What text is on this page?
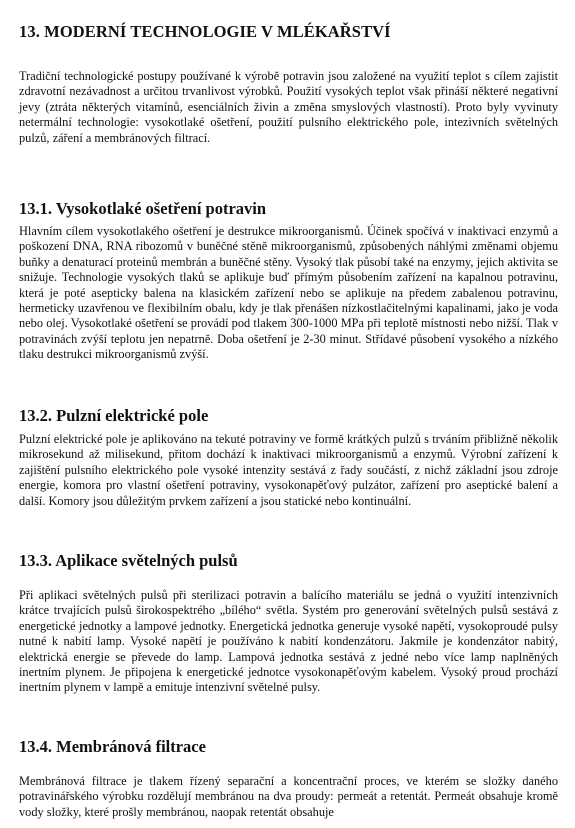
13. MODERNÍ TECHNOLOGIE V MLÉKAŘSTVÍ

Tradiční technologické postupy používané k výrobě potravin jsou založené na využití teplot s cílem zajistit zdravotní nezávadnost a určitou trvanlivost výrobků. Použití vysokých teplot však přináší některé negativní jevy (ztráta některých vitamínů, esenciálních živin a změna smyslových vlastností). Proto byly vyvinuty netermální technologie: vysokotlaké ošetření, použití pulsního elektrického pole, intezivních světelných pulzů, záření a membránových filtrací.

13.1. Vysokotlaké ošetření potravin

Hlavním cílem vysokotlakého ošetření je destrukce mikroorganismů. Účinek spočívá v inaktivaci enzymů a poškození DNA, RNA ribozomů v buněčné stěně mikroorganismů, způsobených náhlými změnami objemu buňky a denaturací proteinů membrán a buněčné stěny. Vysoký tlak působí také na enzymy, jejich aktivita se snižuje. Technologie vysokých tlaků se aplikuje buď přímým působením zařízení na kapalnou potravinu, která je poté asepticky balena na klasickém zařízení nebo se aplikuje na předem zabalenou potravinu, hermeticky uzavřenou ve flexibilním obalu, kdy je tlak přenášen nízkostlačitelnými kapalinami, jako je voda nebo olej. Vysokotlaké ošetření se provádí pod tlakem 300-1000 MPa při teplotě místnosti nebo nižší. Tlak v potravinách zvýší teplotu jen nepatrně. Doba ošetření je 2-30 minut. Střídavé působení vysokého a nízkého tlaku destrukci mikroorganismů zvýší.

13.2. Pulzní elektrické pole

Pulzní elektrické pole je aplikováno na tekuté potraviny ve formě krátkých pulzů s trváním přibližně několik mikrosekund až milisekund, přitom dochází k inaktivaci mikroorganismů a enzymů. Výrobní zařízení k zajištění pulsního elektrického pole vysoké intenzity sestává z řady součástí, z nichž základní jsou zdroje energie, komora pro vlastní ošetření potraviny, vysokonapěťový pulzátor, zařízení pro aseptické balení a další. Komory jsou důležitým prvkem zařízení a jsou statické nebo kontinuální.

13.3. Aplikace světelných pulsů

Při aplikaci světelných pulsů při sterilizaci potravin a balícího materiálu se jedná o využití intenzivních krátce trvajících pulsů širokospektrého „bílého“ světla. Systém pro generování světelných pulsů sestává z energetické jednotky a lampové jednotky. Energetická jednotka generuje vysoké napětí, vysokoproudé pulsy nutné k nabití lamp. Vysoké napětí je používáno k nabití kondenzátoru. Jakmile je kondenzátor nabitý, elektrická energie se převede do lamp. Lampová jednotka sestává z jedné nebo více lamp naplněných inertním plynem. Je připojena k energetické jednotce vysokonapěťovým kabelem. Vysoký proud prochází inertním plynem v lampě a emituje intenzivní světelné pulsy.

13.4. Membránová filtrace

Membránová filtrace je tlakem řízený separační a koncentrační proces, ve kterém se složky daného potravinářského výrobku rozdělují membránou na dva proudy: permeát a retentát. Permeát obsahuje kromě vody složky, které prošly membránou, naopak retentát obsahuje
